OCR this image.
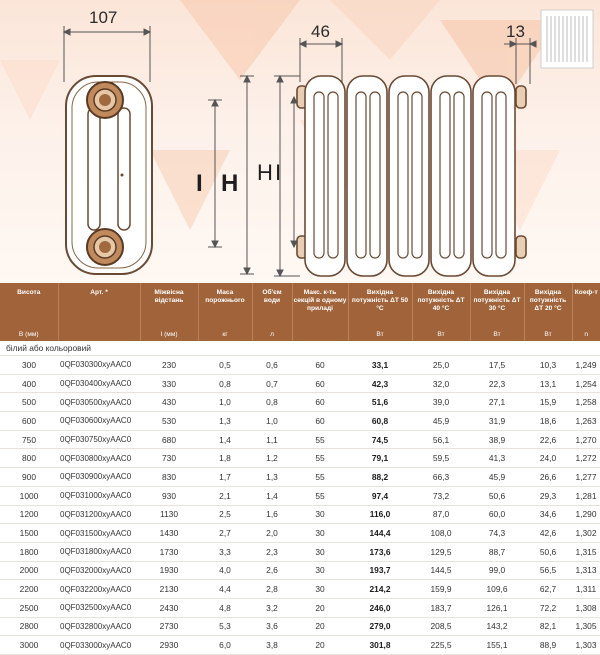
107
46	13
I H H I
Висота	Арт. *	Міжвісна відстань	Маса порожнього	Об'єм води	Макс. к-ть секцій в одному приладі	Вихідна потужність ΔТ 50 °С	Вихідна потужність ΔТ 40 °С	Вихідна потужність ΔТ 30 °С	Вихідна потужність ΔТ 20 °С	Коеф-т

В (мм)		І (мм)	кг	л		Вт	Вт	Вт	Вт	n
білий або кольоровий										
300	0QF030300xyAAC0	230	0,5	0,6	60	33,1	25,0	17,5	10,3	1,249
400	0QF030400xyAAC0	330	0,8	0,7	60	42,3	32,0	22,3	13,1	1,254
500	0QF030500xyAAC0	430	1,0	0,8	60	51,6	39,0	27,1	15,9	1,258
600	0QF030600xyAAC0	530	1,3	1,0	60	60,8	45,9	31,9	18,6	1,263
750	0QF030750xyAAC0	680	1,4	1,1	55	74,5	56,1	38,9	22,6	1,270
800	0QF030800xyAAC0	730	1,8	1,2	55	79,1	59,5	41,3	24,0	1,272
900	0QF030900xyAAC0	830	1,7	1,3	55	88,2	66,3	45,9	26,6	1,277
1000	0QF031000xyAAC0	930	2,1	1,4	55	97,4	73,2	50,6	29,3	1,281
1200	0QF031200xyAAC0	1130	2,5	1,6	30	116,0	87,0	60,0	34,6	1,290
1500	0QF031500xyAAC0	1430	2,7	2,0	30	144,4	108,0	74,3	42,6	1,302
1800	0QF031800xyAAC0	1730	3,3	2,3	30	173,6	129,5	88,7	50,6	1,315
2000	0QF032000xyAAC0	1930	4,0	2,6	30	193,7	144,5	99,0	56,5	1,313
2200	0QF032200xyAAC0	2130	4,4	2,8	30	214,2	159,9	109,6	62,7	1,311
2500	0QF032500xyAAC0	2430	4,8	3,2	20	246,0	183,7	126,1	72,2	1,308
2800	0QF032800xyAAC0	2730	5,3	3,6	20	279,0	208,5	143,2	82,1	1,305
3000	0QF033000xyAAC0	2930	6,0	3,8	20	301,8	225,5	155,1	88,9	1,303
